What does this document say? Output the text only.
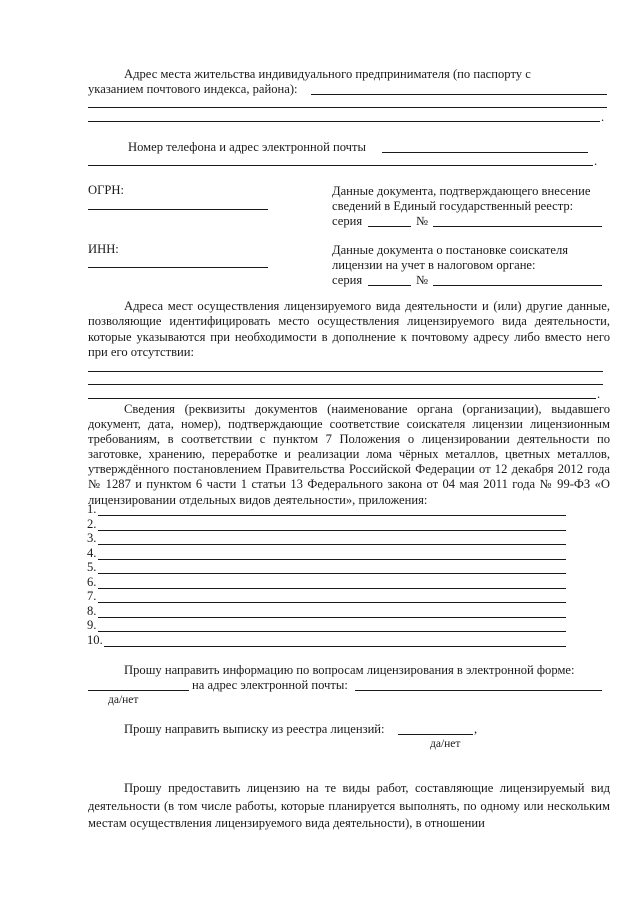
Адрес места жительства индивидуального предпринимателя (по паспорту с
указанием почтового индекса, района):
.
Номер телефона и адрес электронной почты
.
ОГРН:	Данные документа, подтверждающего внесение
сведений в Единый государственный реестр:
серия	№
ИНН:	Данные документа о постановке соискателя
лицензии на учет в налоговом органе:
серия	№
Адреса мест осуществления лицензируемого вида деятельности и (или) другие данные, позволяющие идентифицировать место осуществления лицензируемого вида деятельности, которые указываются при необходимости в дополнение к почтовому адресу либо вместо него при его отсутствии:
.
Сведения (реквизиты документов (наименование органа (организации), выдавшего документ, дата, номер), подтверждающие соответствие соискателя лицензии лицензионным требованиям, в соответствии с пунктом 7 Положения о лицензировании деятельности по заготовке, хранению, переработке и реализации лома чёрных металлов, цветных металлов, утверждённого постановлением Правительства Российской Федерации от 12 декабря 2012 года № 1287 и пунктом 6 части 1 статьи 13 Федерального закона от 04 мая 2011 года № 99-ФЗ «О лицензировании отдельных видов деятельности», приложения:
1.
2.
3.
4.
5.
6.
7.
8.
9.
10.
Прошу направить информацию по вопросам лицензирования в электронной форме:
на адрес электронной почты:
да/нет
Прошу направить выписку из реестра лицензий:	,
да/нет
Прошу предоставить лицензию на те виды работ, составляющие лицензируемый вид деятельности (в том числе работы, которые планируется выполнять, по одному или нескольким местам осуществления лицензируемого вида деятельности), в отношении
